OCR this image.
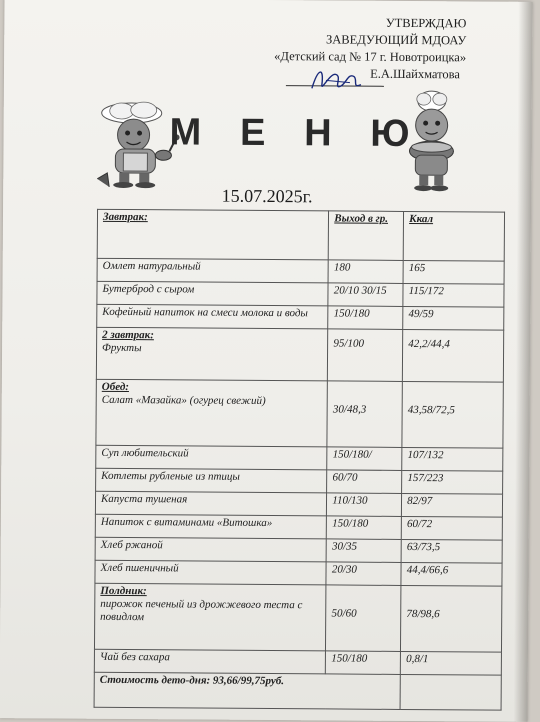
УТВЕРЖДАЮ
ЗАВЕДУЮЩИЙ МДОАУ
«Детский сад № 17 г. Новотроицка»
Е.А.Шайхматова
М Е Н Ю
15.07.2025г.
Завтрак:	Выход в гр.	Ккал
Омлет натуральный	180	165
Бутерброд с сыром	20/10 30/15	115/172
Кофейный напиток на смеси молока и воды	150/180	49/59

2 завтрак:
Фрукты	95/100	42,2/44,4

Обед:
Салат «Мазайка» (огурец свежий)	30/48,3	43,58/72,5
Суп любительский	150/180/	107/132
Котлеты рубленые из птицы	60/70	157/223
Капуста тушеная	110/130	82/97
Напиток с витаминами «Витошка»	150/180	60/72
Хлеб ржаной	30/35	63/73,5
Хлеб пшеничный	20/30	44,4/66,6

Полдник:
пирожок печеный из дрожжевого теста с повидлом	50/60	78/98,6
Чай без сахара	150/180	0,8/1
Стоимость дето-дня: 93,66/99,75руб.		
